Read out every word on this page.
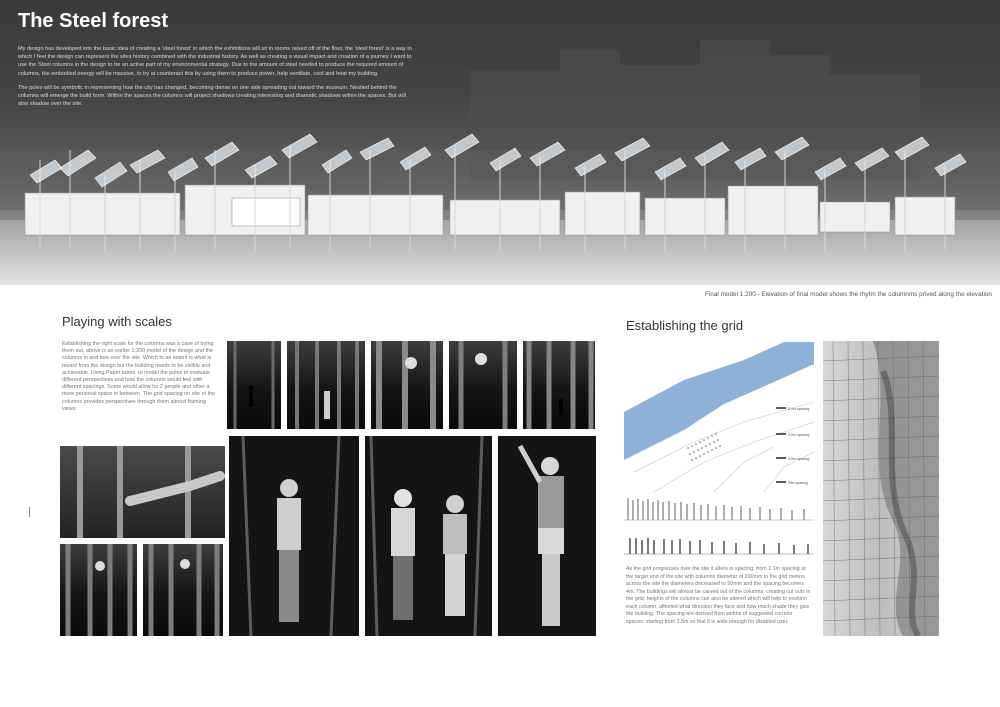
The Steel forest

My design has developed into the basic idea of creating a 'steel forest' in which the exhibitions will sit in rooms raised off of the floor, the 'steel forest' is a way in which I feel the design can represent the sites history combined with the industrial history. As well as creating a visual impact and creation of a journey I want to use the Steel columns in the design to be an active part of my environmental strategy. Due to the amount of steel needed to produce the required amount of columns, the embodied energy will be massive, to try at counteract this by using them to produce power, help ventilate, cool and heat my building.

The poles will be symbolic in representing how the city has changed, becoming dense on one side spreading out toward the museum. Nestled behind the columns will emerge the build form. Within the spaces the columns will project shadows creating interesting and dramatic shadows within the spaces. But will also shadow over the site.

Final model 1:200 - Elevation of final model shows the rhytm the columnms prived along the elevation

Playing with scales

Establishing the right scale for the columns was a case of trying them out, above is an earlier 1:200 model of the design and the columns in and tree over the site. Which to an extent is what is meant from the design but the building needs to be visible and achievable. Using Paper tubes, to model the poles to evaluate different perspectives and how the columns would feel with different spacings. Some would allow for 2 people and other a more personal space in between. The grid spacing on site of the columns provides perspectives through them almost framing views.

Establishing the grid
2.1m spacing
3.0m spacing
4.0m spacing
Site spacing

As the grid progresses over the site it alters in spacing, from 2.1m spacing at the larger end of the site with columns diameter of 200mm to the grid meters across the site the diameters decreased to 50mm and the spacing becomes 4m. The buildings will almost be carved out of the columns, creating cut outs in the grid, heights of the columns can also be altered which will help to position each column, affected what direction they face and how much shade they give the building. The spacing are derived from widths of suggested corridor spaces, starting from 2.5m so that it is wide enough for disabled user.
